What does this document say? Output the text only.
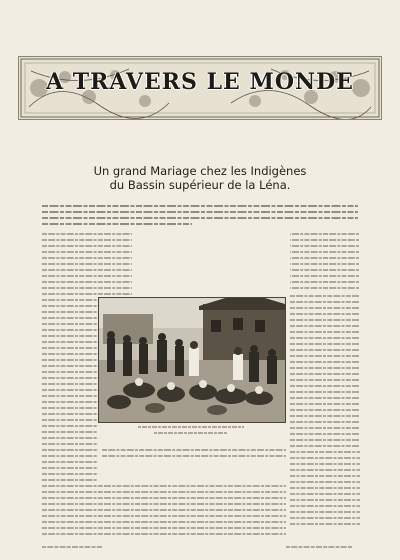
A TRAVERS LE MONDE
Un grand Mariage chez les Indigènes
du Bassin supérieur de la Léna.
